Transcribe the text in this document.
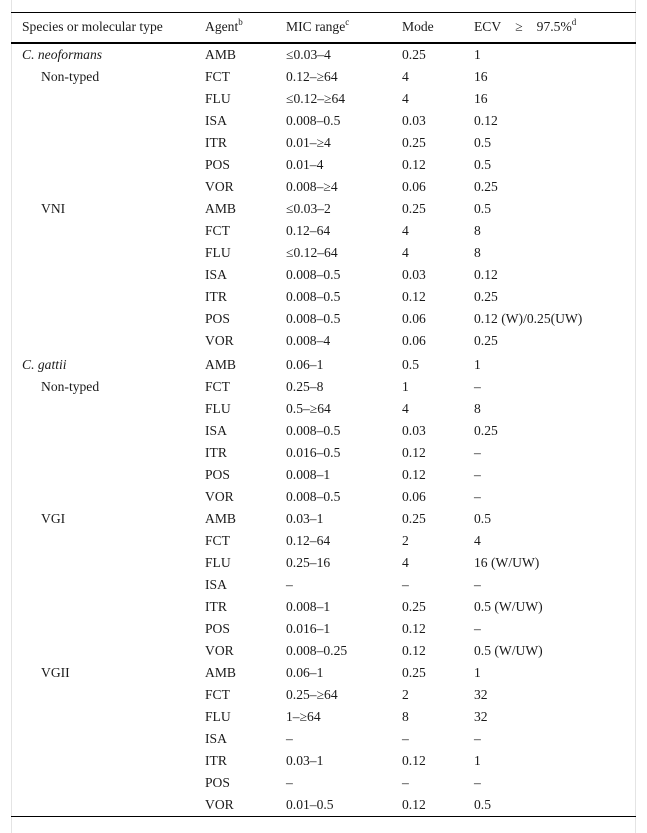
Species or molecular type	Agent$^b$	MIC range$^c$	Mode	ECV ≥ 97.5%$^d$
C. neoformans	AMB	≤0.03–4	0.25	1
Non-typed	FCT	0.12–≥64	4	16
	FLU	≤0.12–≥64	4	16
	ISA	0.008–0.5	0.03	0.12
	ITR	0.01–≥4	0.25	0.5
	POS	0.01–4	0.12	0.5
	VOR	0.008–≥4	0.06	0.25
VNI	AMB	≤0.03–2	0.25	0.5
	FCT	0.12–64	4	8
	FLU	≤0.12–64	4	8
	ISA	0.008–0.5	0.03	0.12
	ITR	0.008–0.5	0.12	0.25
	POS	0.008–0.5	0.06	0.12 (W)/0.25(UW)
	VOR	0.008–4	0.06	0.25
C. gattii	AMB	0.06–1	0.5	1
Non-typed	FCT	0.25–8	1	–
	FLU	0.5–≥64	4	8
	ISA	0.008–0.5	0.03	0.25
	ITR	0.016–0.5	0.12	–
	POS	0.008–1	0.12	–
	VOR	0.008–0.5	0.06	–
VGI	AMB	0.03–1	0.25	0.5
	FCT	0.12–64	2	4
	FLU	0.25–16	4	16 (W/UW)
	ISA	–	–	–
	ITR	0.008–1	0.25	0.5 (W/UW)
	POS	0.016–1	0.12	–
	VOR	0.008–0.25	0.12	0.5 (W/UW)
VGII	AMB	0.06–1	0.25	1
	FCT	0.25–≥64	2	32
	FLU	1–≥64	8	32
	ISA	–	–	–
	ITR	0.03–1	0.12	1
	POS	–	–	–
	VOR	0.01–0.5	0.12	0.5
